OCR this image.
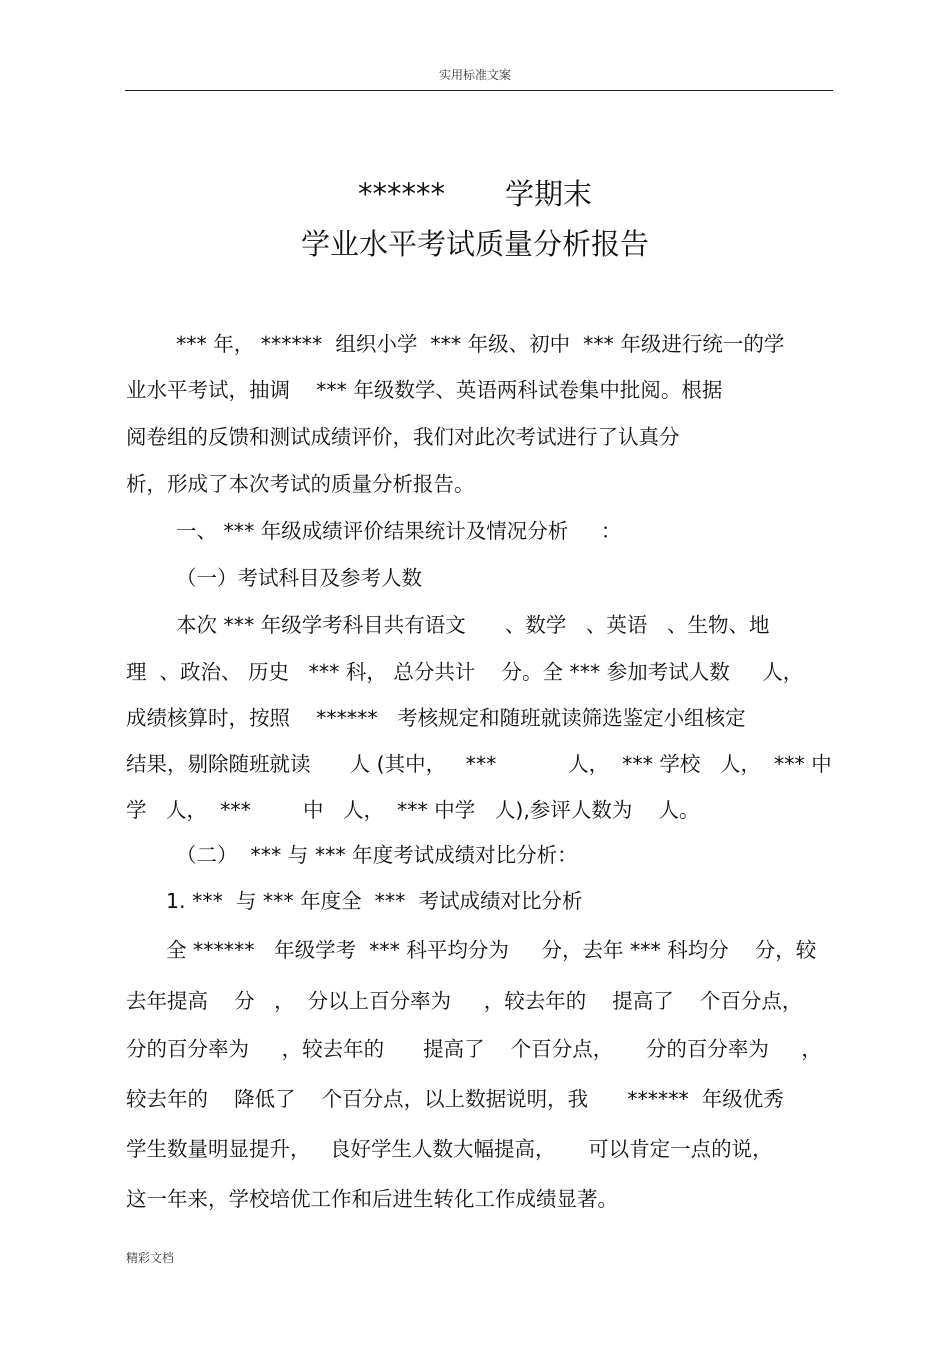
实用标准文案
****** 学期末
学业水平考试质量分析报告
*** 年， ******  组织小学  *** 年级、初中  *** 年级进行统一的学
业水平考试，抽调    *** 年级数学、英语两科试卷集中批阅。根据
阅卷组的反馈和测试成绩评价，我们对此次考试进行了认真分
析，形成了本次考试的质量分析报告。
一、 *** 年级成绩评价结果统计及情况分析     ：
（一）考试科目及参考人数
本次 *** 年级学考科目共有语文      、数学   、英语   、生物、地
理  、政治、 历史   *** 科， 总分共计    分。全 *** 参加考试人数     人，
成绩核算时，按照    ******   考核规定和随班就读筛选鉴定小组核定
结果，剔除随班就读      人 (其中，   ***           人，  *** 学校   人，  *** 中
学   人，  ***        中   人，  *** 中学   人),参评人数为    人。
（二）  *** 与 *** 年度考试成绩对比分析：
1. ***  与 *** 年度全  ***  考试成绩对比分析
全 ******   年级学考  *** 科平均分为     分，去年 *** 科均分    分，较
去年提高    分   ，  分以上百分率为     ，较去年的    提高了    个百分点，
分的百分率为     ，较去年的      提高了    个百分点，     分的百分率为     ，
较去年的    降低了    个百分点，以上数据说明，我      ******  年级优秀
学生数量明显提升，   良好学生人数大幅提高，     可以肯定一点的说，
这一年来，学校培优工作和后进生转化工作成绩显著。
精彩文档
